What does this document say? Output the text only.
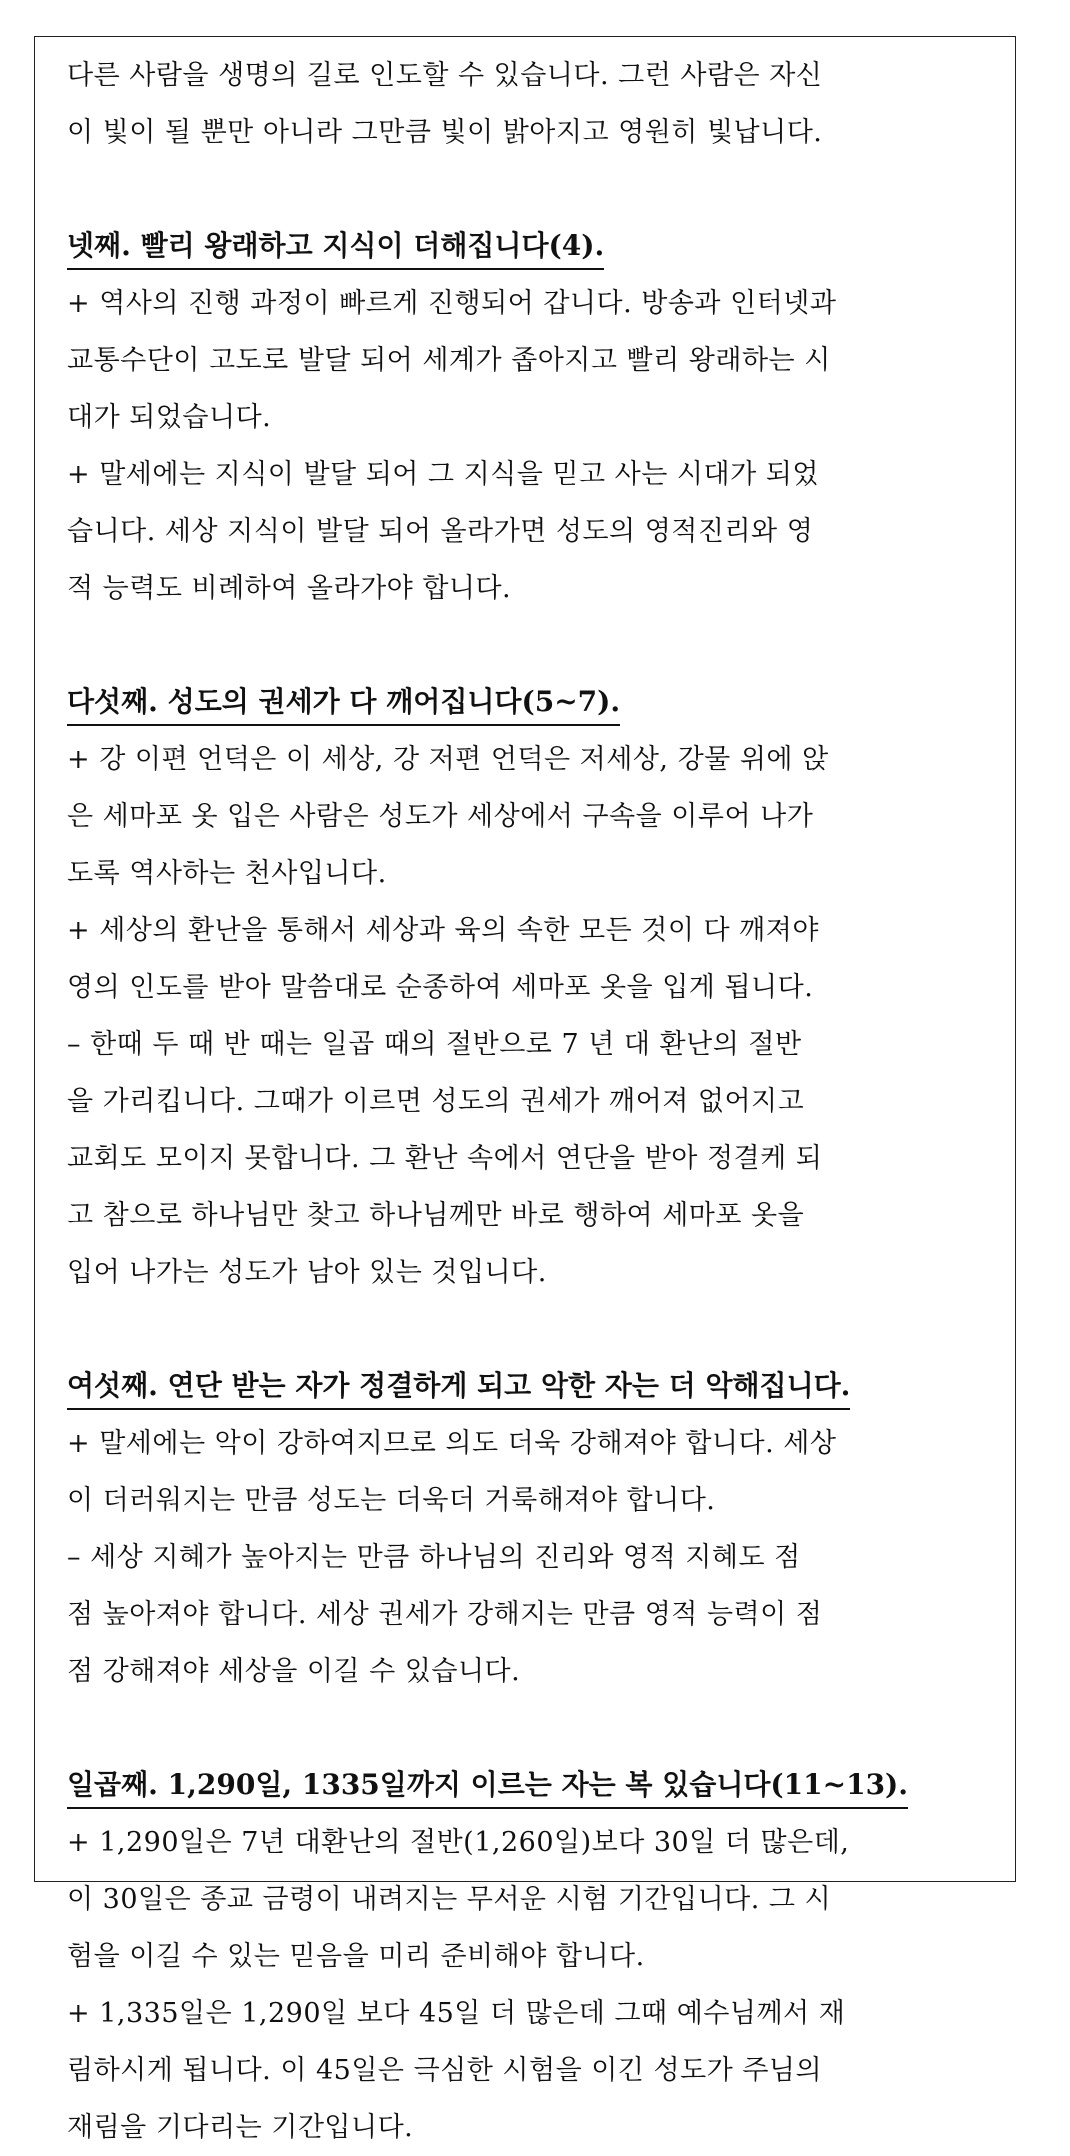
다른 사람을 생명의 길로 인도할 수 있습니다. 그런 사람은 자신
이 빛이 될 뿐만 아니라 그만큼 빛이 밝아지고 영원히 빛납니다.
넷째. 빨리 왕래하고 지식이 더해집니다(4).
+ 역사의 진행 과정이 빠르게 진행되어 갑니다. 방송과 인터넷과
교통수단이 고도로 발달 되어 세계가 좁아지고 빨리 왕래하는 시
대가 되었습니다.
+ 말세에는 지식이 발달 되어 그 지식을 믿고 사는 시대가 되었
습니다. 세상 지식이 발달 되어 올라가면 성도의 영적진리와 영
적 능력도 비례하여 올라가야 합니다.
다섯째. 성도의 권세가 다 깨어집니다(5~7).
+ 강 이편 언덕은 이 세상, 강 저편 언덕은 저세상, 강물 위에 앉
은 세마포 옷 입은 사람은 성도가 세상에서 구속을 이루어 나가
도록 역사하는 천사입니다.
+ 세상의 환난을 통해서 세상과 육의 속한 모든 것이 다 깨져야
영의 인도를 받아 말씀대로 순종하여 세마포 옷을 입게 됩니다.
– 한때 두 때 반 때는 일곱 때의 절반으로 7 년 대 환난의 절반
을 가리킵니다. 그때가 이르면 성도의 권세가 깨어져 없어지고
교회도 모이지 못합니다. 그 환난 속에서 연단을 받아 정결케 되
고 참으로 하나님만 찾고 하나님께만 바로 행하여 세마포 옷을
입어 나가는 성도가 남아 있는 것입니다.
여섯째. 연단 받는 자가 정결하게 되고 악한 자는 더 악해집니다.
+ 말세에는 악이 강하여지므로 의도 더욱 강해져야 합니다. 세상
이 더러워지는 만큼 성도는 더욱더 거룩해져야 합니다.
– 세상 지혜가 높아지는 만큼 하나님의 진리와 영적 지혜도 점
점 높아져야 합니다. 세상 권세가 강해지는 만큼 영적 능력이 점
점 강해져야 세상을 이길 수 있습니다.
일곱째. 1,290일, 1335일까지 이르는 자는 복 있습니다(11~13).
+ 1,290일은 7년 대환난의 절반(1,260일)보다 30일 더 많은데,
이 30일은 종교 금령이 내려지는 무서운 시험 기간입니다. 그 시
험을 이길 수 있는 믿음을 미리 준비해야 합니다.
+ 1,335일은 1,290일 보다 45일 더 많은데 그때 예수님께서 재
림하시게 됩니다. 이 45일은 극심한 시험을 이긴 성도가 주님의
재림을 기다리는 기간입니다.
